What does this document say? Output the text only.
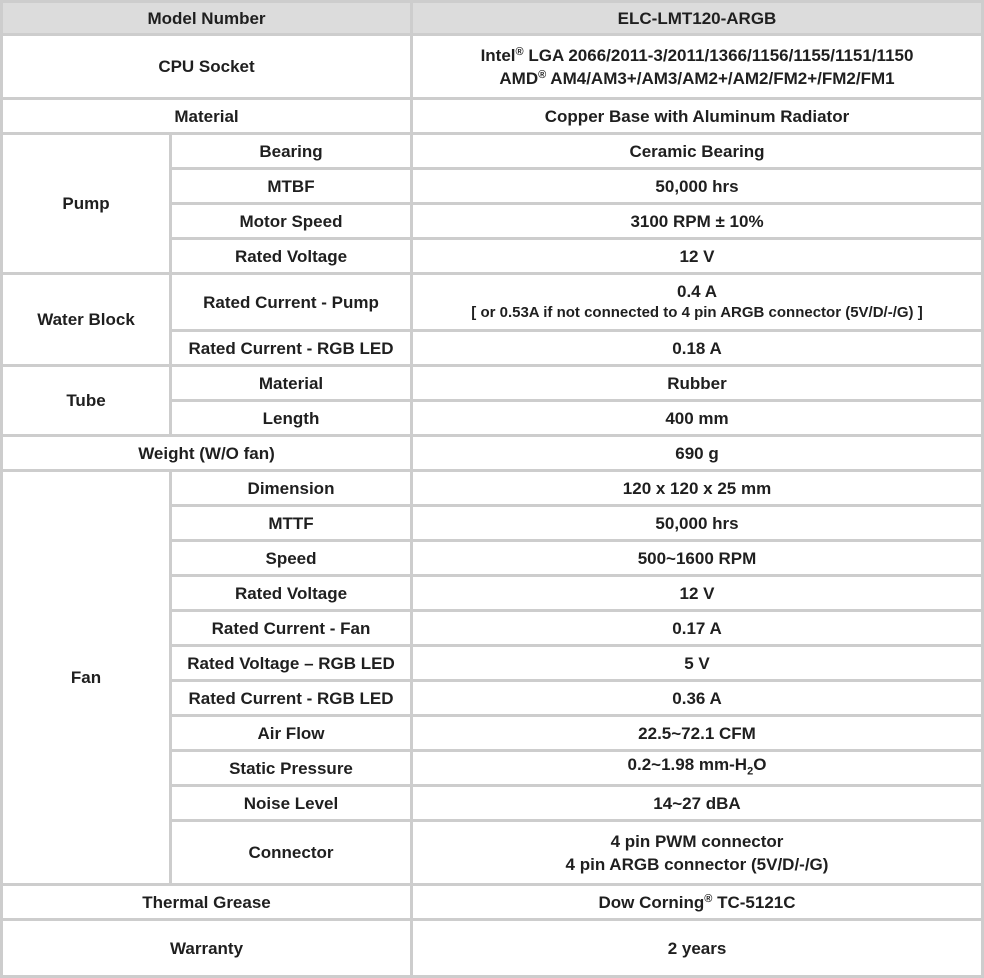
Model Number		ELC-LMT120-ARGB
CPU Socket		Intel® LGA 2066/2011-3/2011/1366/1156/1155/1151/1150
AMD® AM4/AM3+/AM3/AM2+/AM2/FM2+/FM2/FM1
Material		Copper Base with Aluminum Radiator
Pump	Bearing	Ceramic Bearing
	MTBF	50,000 hrs
	Motor Speed	3100 RPM ± 10%
	Rated Voltage	12 V
Water Block	Rated Current - Pump	0.4 A
[ or 0.53A if not connected to 4 pin ARGB connector (5V/D/-/G) ]
	Rated Current - RGB LED	0.18 A
Tube	Material	Rubber
	Length	400 mm
Weight (W/O fan)		690 g
Fan	Dimension	120 x 120 x 25 mm
	MTTF	50,000 hrs
	Speed	500~1600 RPM
	Rated Voltage	12 V
	Rated Current - Fan	0.17 A
	Rated Voltage – RGB LED	5 V
	Rated Current - RGB LED	0.36 A
	Air Flow	22.5~72.1 CFM
	Static Pressure	0.2~1.98 $mm-H_2O$
	Noise Level	14~27 dBA
	Connector	4 pin PWM connector
4 pin ARGB connector (5V/D/-/G)
Thermal Grease		Dow Corning® TC-5121C
Warranty		2 years
